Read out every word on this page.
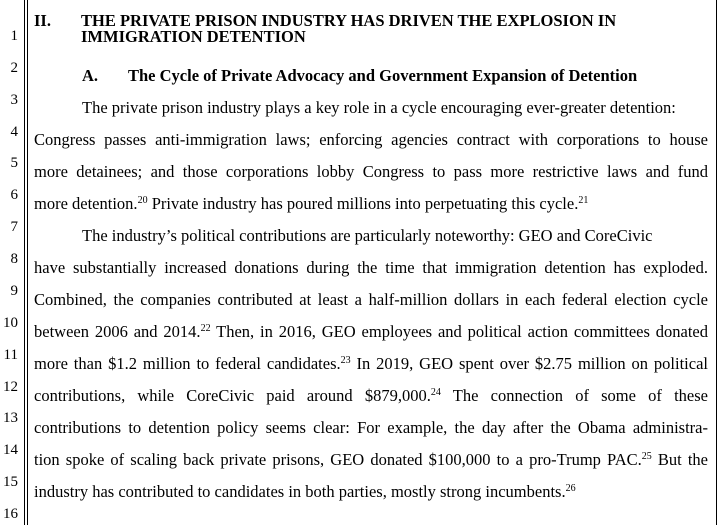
1
2
3
4
5
6
7
8
9
10
11
12
13
14
15
16
II. THE PRIVATE PRISON INDUSTRY HAS DRIVEN THE EXPLOSION IN
IMMIGRATION DETENTION
A. The Cycle of Private Advocacy and Government Expansion of Detention
The private prison industry plays a key role in a cycle encouraging ever-greater detention:
Congress passes anti-immigration laws; enforcing agencies contract with corporations to house
more detainees; and those corporations lobby Congress to pass more restrictive laws and fund
more detention.$^{20}$ Private industry has poured millions into perpetuating this cycle.$^{21}$
The industry’s political contributions are particularly noteworthy: GEO and CoreCivic
have substantially increased donations during the time that immigration detention has exploded.
Combined, the companies contributed at least a half-million dollars in each federal election cycle
between 2006 and 2014.22 Then, in 2016, GEO employees and political action committees donated
more than $1.2 million to federal candidates.$^{23}$ In 2019, GEO spent over $2.75 million on political
contributions, while CoreCivic paid around $879,000.24 The connection of some of these
contributions to detention policy seems clear: For example, the day after the Obama administra-
tion spoke of scaling back private prisons, GEO donated $100,000 to a pro-Trump PAC.$^{25}$ But the
industry has contributed to candidates in both parties, mostly strong incumbents.$^{26}$
